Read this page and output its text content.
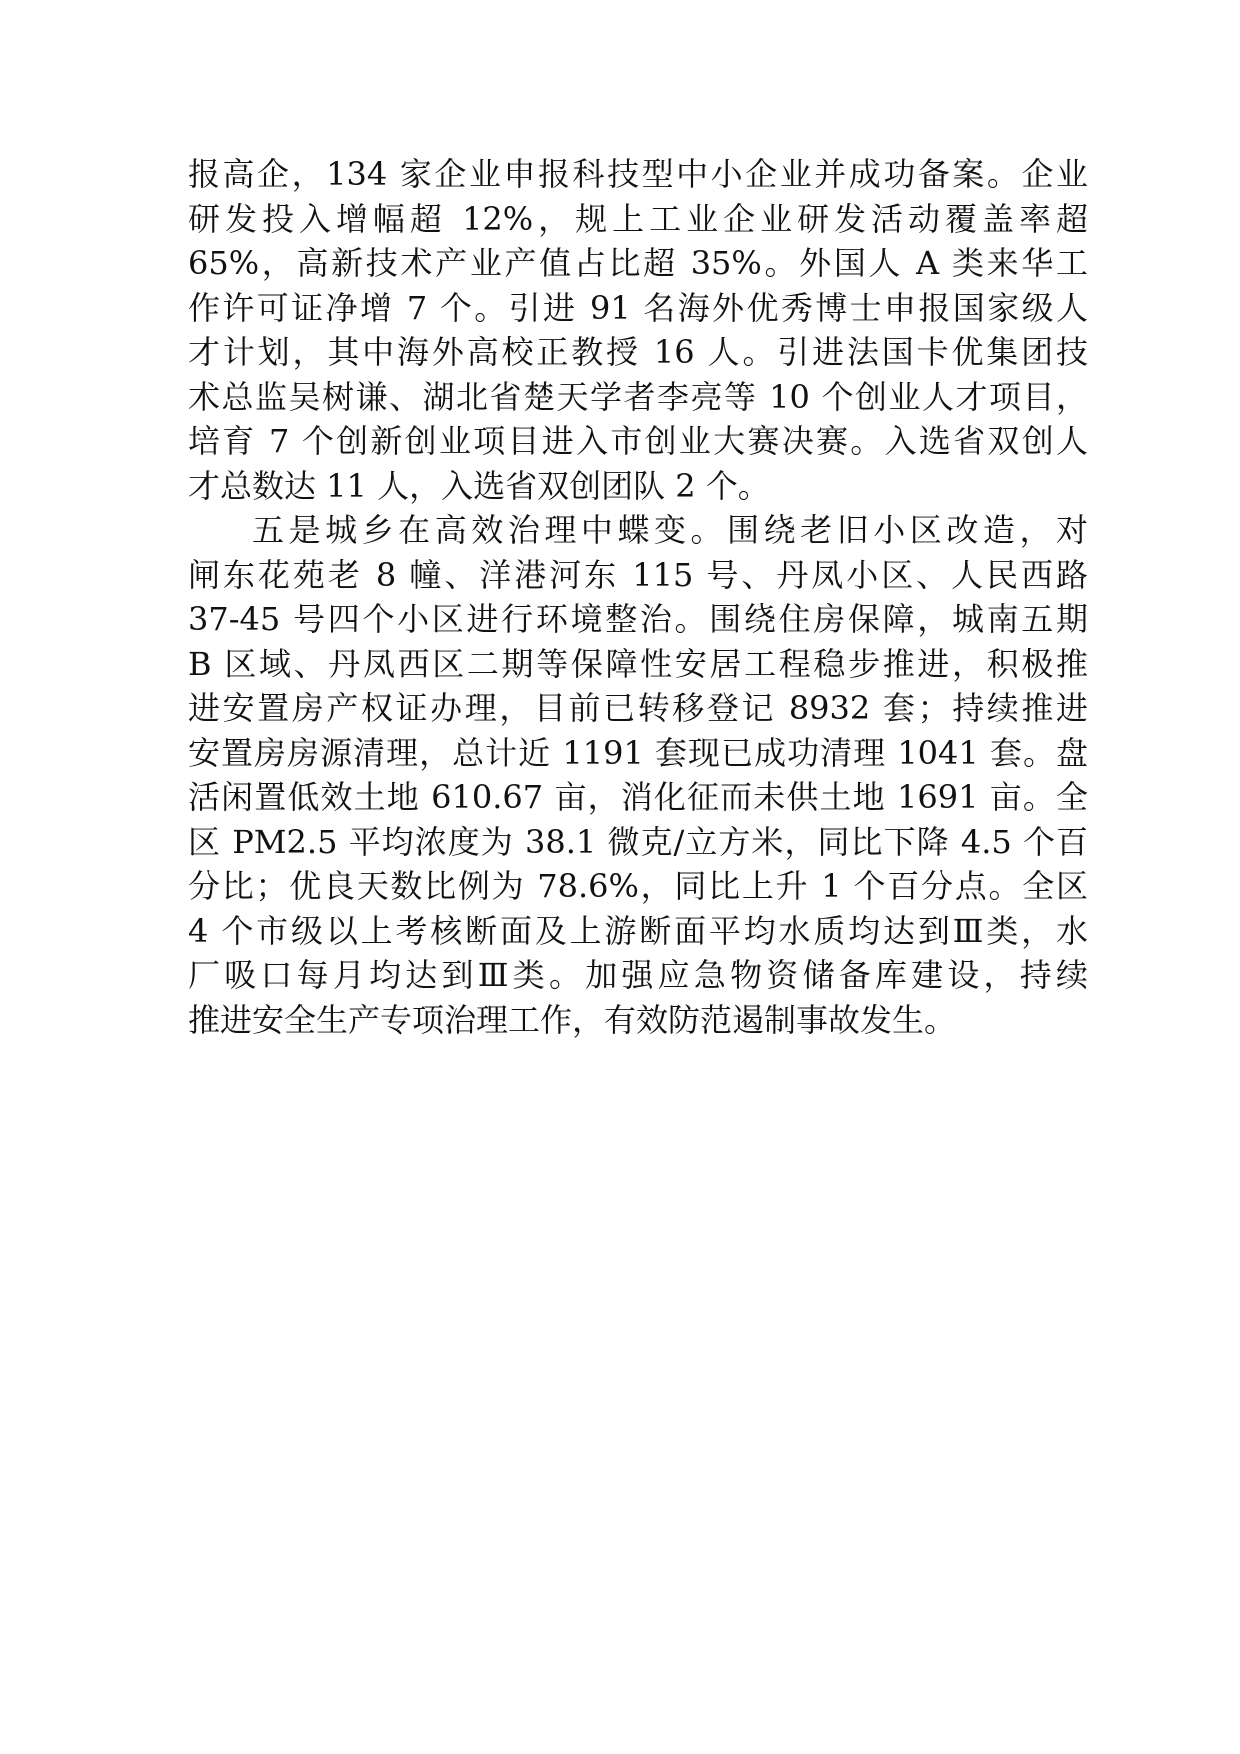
报高企，134 家企业申报科技型中小企业并成功备案。企业
研发投入增幅超 12%，规上工业企业研发活动覆盖率超
65%，高新技术产业产值占比超 35%。外国人 A 类来华工
作许可证净增 7 个。引进 91 名海外优秀博士申报国家级人
才计划，其中海外高校正教授 16 人。引进法国卡优集团技
术总监吴树谦、湖北省楚天学者李亮等 10 个创业人才项目，
培育 7 个创新创业项目进入市创业大赛决赛。入选省双创人
才总数达 11 人，入选省双创团队 2 个。
五是城乡在高效治理中蝶变。围绕老旧小区改造，对
闸东花苑老 8 幢、洋港河东 115 号、丹凤小区、人民西路
37-45 号四个小区进行环境整治。围绕住房保障，城南五期
B 区域、丹凤西区二期等保障性安居工程稳步推进，积极推
进安置房产权证办理，目前已转移登记 8932 套；持续推进
安置房房源清理，总计近 1191 套现已成功清理 1041 套。盘
活闲置低效土地 610.67 亩，消化征而未供土地 1691 亩。全
区 PM2.5 平均浓度为 38.1 微克/立方米，同比下降 4.5 个百
分比；优良天数比例为 78.6%，同比上升 1 个百分点。全区
4 个市级以上考核断面及上游断面平均水质均达到Ⅲ类，水
厂吸口每月均达到Ⅲ类。加强应急物资储备库建设，持续
推进安全生产专项治理工作，有效防范遏制事故发生。
